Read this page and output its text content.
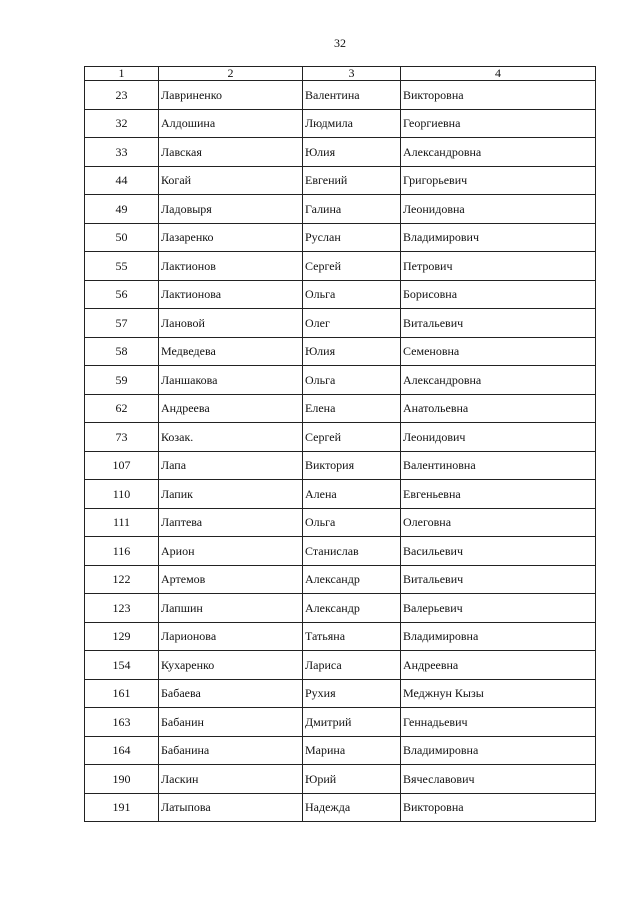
32
1	2	3	4
23	Лавриненко	Валентина	Викторовна
32	Алдошина	Людмила	Георгиевна
33	Лавская	Юлия	Александровна
44	Когай	Евгений	Григорьевич
49	Ладовыря	Галина	Леонидовна
50	Лазаренко	Руслан	Владимирович
55	Лактионов	Сергей	Петрович
56	Лактионова	Ольга	Борисовна
57	Лановой	Олег	Витальевич
58	Медведева	Юлия	Семеновна
59	Ланшакова	Ольга	Александровна
62	Андреева	Елена	Анатольевна
73	Козак.	Сергей	Леонидович
107	Лапа	Виктория	Валентиновна
110	Лапик	Алена	Евгеньевна
111	Лаптева	Ольга	Олеговна
116	Арион	Станислав	Васильевич
122	Артемов	Александр	Витальевич
123	Лапшин	Александр	Валерьевич
129	Ларионова	Татьяна	Владимировна
154	Кухаренко	Лариса	Андреевна
161	Бабаева	Рухия	Меджнун Кызы
163	Бабанин	Дмитрий	Геннадьевич
164	Бабанина	Марина	Владимировна
190	Ласкин	Юрий	Вячеславович
191	Латыпова	Надежда	Викторовна
